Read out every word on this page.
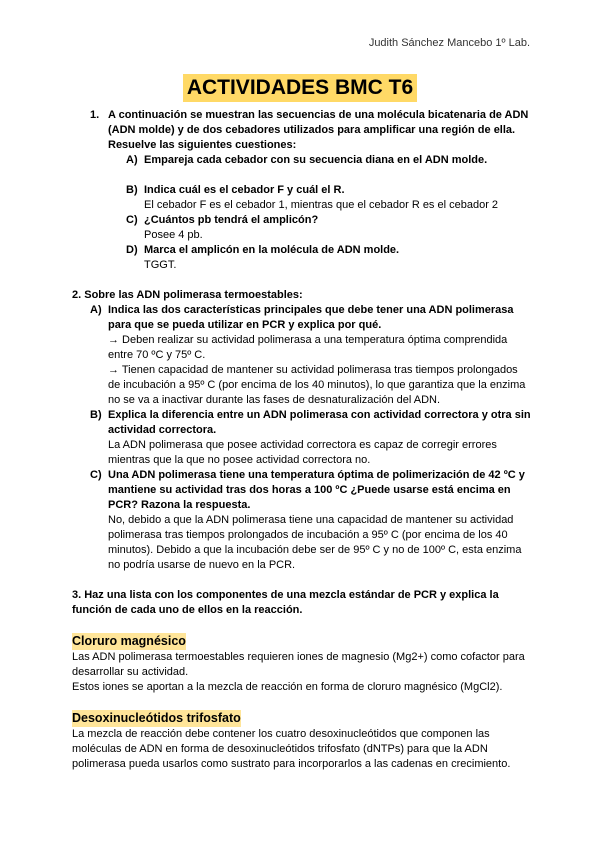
Judith Sánchez Mancebo 1º Lab.
ACTIVIDADES BMC T6
1. A continuación se muestran las secuencias de una molécula bicatenaria de ADN (ADN molde) y de dos cebadores utilizados para amplificar una región de ella. Resuelve las siguientes cuestiones:

A) Empareja cada cebador con su secuencia diana en el ADN molde.

B) Indica cuál es el cebador F y cuál el R.

El cebador F es el cebador 1, mientras que el cebador R es el cebador 2

C) ¿Cuántos pb tendrá el amplicón?

Posee 4 pb.

D) Marca el amplicón en la molécula de ADN molde.

TGGT.

2. Sobre las ADN polimerasa termoestables:

A) Indica las dos características principales que debe tener una ADN polimerasa para que se pueda utilizar en PCR y explica por qué.

→ Deben realizar su actividad polimerasa a una temperatura óptima comprendida entre 70 ºC y 75º C.

→ Tienen capacidad de mantener su actividad polimerasa tras tiempos prolongados de incubación a 95º C (por encima de los 40 minutos), lo que garantiza que la enzima no se va a inactivar durante las fases de desnaturalización del ADN.

B) Explica la diferencia entre un ADN polimerasa con actividad correctora y otra sin actividad correctora.

La ADN polimerasa que posee actividad correctora es capaz de corregir errores mientras que la que no posee actividad correctora no.

C) Una ADN polimerasa tiene una temperatura óptima de polimerización de 42 ºC y mantiene su actividad tras dos horas a 100 ºC ¿Puede usarse está encima en PCR? Razona la respuesta.

No, debido a que la ADN polimerasa tiene una capacidad de mantener su actividad polimerasa tras tiempos prolongados de incubación a 95º C (por encima de los 40 minutos). Debido a que la incubación debe ser de 95º C y no de 100º C, esta enzima no podría usarse de nuevo en la PCR.

3. Haz una lista con los componentes de una mezcla estándar de PCR y explica la función de cada uno de ellos en la reacción.

Cloruro magnésico

Las ADN polimerasa termoestables requieren iones de magnesio (Mg2+) como cofactor para desarrollar su actividad.

Estos iones se aportan a la mezcla de reacción en forma de cloruro magnésico (MgCl2).

Desoxinucleótidos trifosfato

La mezcla de reacción debe contener los cuatro desoxinucleótidos que componen las moléculas de ADN en forma de desoxinucleótidos trifosfato (dNTPs) para que la ADN polimerasa pueda usarlos como sustrato para incorporarlos a las cadenas en crecimiento.
